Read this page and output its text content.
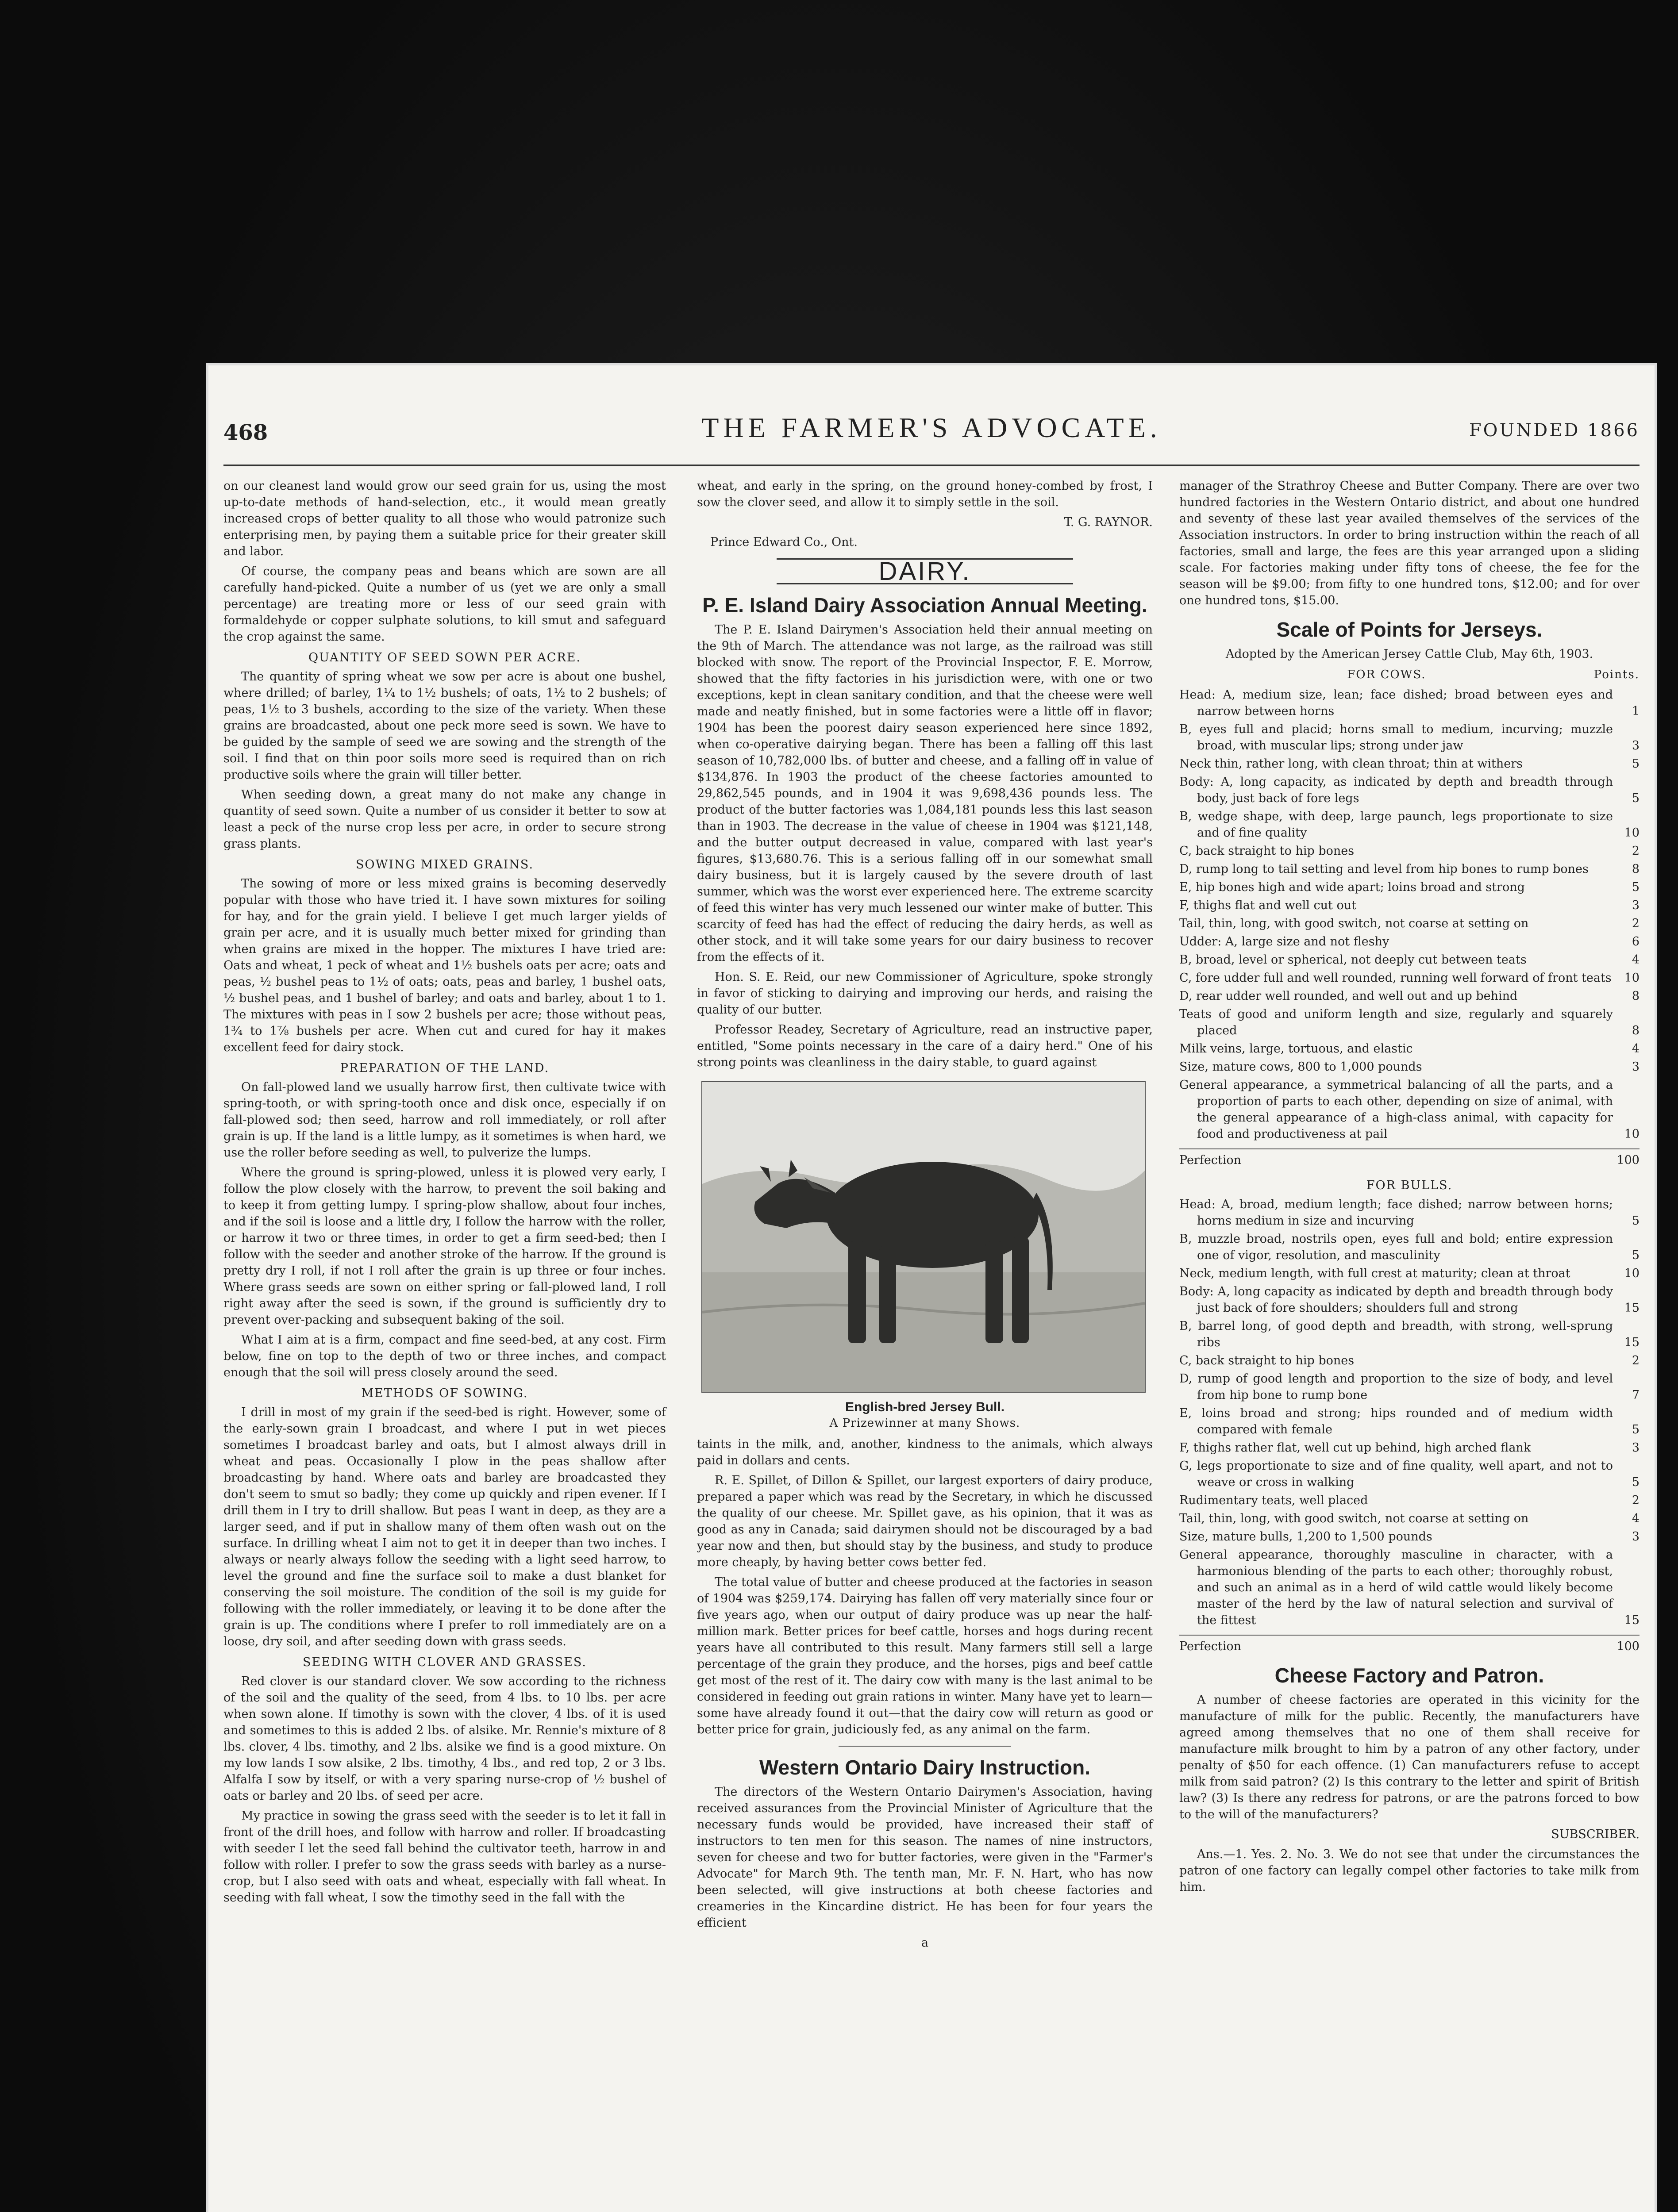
468	THE FARMER'S ADVOCATE.	FOUNDED 1866

on our cleanest land would grow our seed grain for us, using the most up-to-date methods of hand-selection, etc., it would mean greatly increased crops of better quality to all those who would patronize such enterprising men, by paying them a suitable price for their greater skill and labor.

Of course, the company peas and beans which are sown are all carefully hand-picked. Quite a number of us (yet we are only a small percentage) are treating more or less of our seed grain with formaldehyde or copper sulphate solutions, to kill smut and safeguard the crop against the same.

QUANTITY OF SEED SOWN PER ACRE.

The quantity of spring wheat we sow per acre is about one bushel, where drilled; of barley, 1¼ to 1½ bushels; of oats, 1½ to 2 bushels; of peas, 1½ to 3 bushels, according to the size of the variety. When these grains are broadcasted, about one peck more seed is sown. We have to be guided by the sample of seed we are sowing and the strength of the soil. I find that on thin poor soils more seed is required than on rich productive soils where the grain will tiller better.

When seeding down, a great many do not make any change in quantity of seed sown. Quite a number of us consider it better to sow at least a peck of the nurse crop less per acre, in order to secure strong grass plants.

SOWING MIXED GRAINS.

The sowing of more or less mixed grains is becoming deservedly popular with those who have tried it. I have sown mixtures for soiling for hay, and for the grain yield. I believe I get much larger yields of grain per acre, and it is usually much better mixed for grinding than when grains are mixed in the hopper. The mixtures I have tried are: Oats and wheat, 1 peck of wheat and 1½ bushels oats per acre; oats and peas, ½ bushel peas to 1½ of oats; oats, peas and barley, 1 bushel oats, ½ bushel peas, and 1 bushel of barley; and oats and barley, about 1 to 1. The mixtures with peas in I sow 2 bushels per acre; those without peas, 1¾ to 1⅞ bushels per acre. When cut and cured for hay it makes excellent feed for dairy stock.

PREPARATION OF THE LAND.

On fall-plowed land we usually harrow first, then cultivate twice with spring-tooth, or with spring-tooth once and disk once, especially if on fall-plowed sod; then seed, harrow and roll immediately, or roll after grain is up. If the land is a little lumpy, as it sometimes is when hard, we use the roller before seeding as well, to pulverize the lumps.

Where the ground is spring-plowed, unless it is plowed very early, I follow the plow closely with the harrow, to prevent the soil baking and to keep it from getting lumpy. I spring-plow shallow, about four inches, and if the soil is loose and a little dry, I follow the harrow with the roller, or harrow it two or three times, in order to get a firm seed-bed; then I follow with the seeder and another stroke of the harrow. If the ground is pretty dry I roll, if not I roll after the grain is up three or four inches. Where grass seeds are sown on either spring or fall-plowed land, I roll right away after the seed is sown, if the ground is sufficiently dry to prevent over-packing and subsequent baking of the soil.

What I aim at is a firm, compact and fine seed-bed, at any cost. Firm below, fine on top to the depth of two or three inches, and compact enough that the soil will press closely around the seed.

METHODS OF SOWING.

I drill in most of my grain if the seed-bed is right. However, some of the early-sown grain I broadcast, and where I put in wet pieces sometimes I broadcast barley and oats, but I almost always drill in wheat and peas. Occasionally I plow in the peas shallow after broadcasting by hand. Where oats and barley are broadcasted they don't seem to smut so badly; they come up quickly and ripen evener. If I drill them in I try to drill shallow. But peas I want in deep, as they are a larger seed, and if put in shallow many of them often wash out on the surface. In drilling wheat I aim not to get it in deeper than two inches. I always or nearly always follow the seeding with a light seed harrow, to level the ground and fine the surface soil to make a dust blanket for conserving the soil moisture. The condition of the soil is my guide for following with the roller immediately, or leaving it to be done after the grain is up. The conditions where I prefer to roll immediately are on a loose, dry soil, and after seeding down with grass seeds.

SEEDING WITH CLOVER AND GRASSES.

Red clover is our standard clover. We sow according to the richness of the soil and the quality of the seed, from 4 lbs. to 10 lbs. per acre when sown alone. If timothy is sown with the clover, 4 lbs. of it is used and sometimes to this is added 2 lbs. of alsike. Mr. Rennie's mixture of 8 lbs. clover, 4 lbs. timothy, and 2 lbs. alsike we find is a good mixture. On my low lands I sow alsike, 2 lbs. timothy, 4 lbs., and red top, 2 or 3 lbs. Alfalfa I sow by itself, or with a very sparing nurse-crop of ½ bushel of oats or barley and 20 lbs. of seed per acre.

My practice in sowing the grass seed with the seeder is to let it fall in front of the drill hoes, and follow with harrow and roller. If broadcasting with seeder I let the seed fall behind the cultivator teeth, harrow in and follow with roller. I prefer to sow the grass seeds with barley as a nurse-crop, but I also seed with oats and wheat, especially with fall wheat. In seeding with fall wheat, I sow the timothy seed in the fall with the

wheat, and early in the spring, on the ground honey-combed by frost, I sow the clover seed, and allow it to simply settle in the soil.

T. G. RAYNOR.

Prince Edward Co., Ont.

DAIRY.
P. E. Island Dairy Association Annual Meeting.

The P. E. Island Dairymen's Association held their annual meeting on the 9th of March. The attendance was not large, as the railroad was still blocked with snow. The report of the Provincial Inspector, F. E. Morrow, showed that the fifty factories in his jurisdiction were, with one or two exceptions, kept in clean sanitary condition, and that the cheese were well made and neatly finished, but in some factories were a little off in flavor; 1904 has been the poorest dairy season experienced here since 1892, when co-operative dairying began. There has been a falling off this last season of 10,782,000 lbs. of butter and cheese, and a falling off in value of $134,876. In 1903 the product of the cheese factories amounted to 29,862,545 pounds, and in 1904 it was 9,698,436 pounds less. The product of the butter factories was 1,084,181 pounds less this last season than in 1903. The decrease in the value of cheese in 1904 was $121,148, and the butter output decreased in value, compared with last year's figures, $13,680.76. This is a serious falling off in our somewhat small dairy business, but it is largely caused by the severe drouth of last summer, which was the worst ever experienced here. The extreme scarcity of feed this winter has very much lessened our winter make of butter. This scarcity of feed has had the effect of reducing the dairy herds, as well as other stock, and it will take some years for our dairy business to recover from the effects of it.

Hon. S. E. Reid, our new Commissioner of Agriculture, spoke strongly in favor of sticking to dairying and improving our herds, and raising the quality of our butter.

Professor Readey, Secretary of Agriculture, read an instructive paper, entitled, "Some points necessary in the care of a dairy herd." One of his strong points was cleanliness in the dairy stable, to guard against

English-bred Jersey Bull.
A Prizewinner at many Shows.

taints in the milk, and, another, kindness to the animals, which always paid in dollars and cents.

R. E. Spillet, of Dillon & Spillet, our largest exporters of dairy produce, prepared a paper which was read by the Secretary, in which he discussed the quality of our cheese. Mr. Spillet gave, as his opinion, that it was as good as any in Canada; said dairymen should not be discouraged by a bad year now and then, but should stay by the business, and study to produce more cheaply, by having better cows better fed.

The total value of butter and cheese produced at the factories in season of 1904 was $259,174. Dairying has fallen off very materially since four or five years ago, when our output of dairy produce was up near the half-million mark. Better prices for beef cattle, horses and hogs during recent years have all contributed to this result. Many farmers still sell a large percentage of the grain they produce, and the horses, pigs and beef cattle get most of the rest of it. The dairy cow with many is the last animal to be considered in feeding out grain rations in winter. Many have yet to learn—some have already found it out—that the dairy cow will return as good or better price for grain, judiciously fed, as any animal on the farm.

Western Ontario Dairy Instruction.

The directors of the Western Ontario Dairymen's Association, having received assurances from the Provincial Minister of Agriculture that the necessary funds would be provided, have increased their staff of instructors to ten men for this season. The names of nine instructors, seven for cheese and two for butter factories, were given in the "Farmer's Advocate" for March 9th. The tenth man, Mr. F. N. Hart, who has now been selected, will give instructions at both cheese factories and creameries in the Kincardine district. He has been for four years the efficient

a

manager of the Strathroy Cheese and Butter Company. There are over two hundred factories in the Western Ontario district, and about one hundred and seventy of these last year availed themselves of the services of the Association instructors. In order to bring instruction within the reach of all factories, small and large, the fees are this year arranged upon a sliding scale. For factories making under fifty tons of cheese, the fee for the season will be $9.00; from fifty to one hundred tons, $12.00; and for over one hundred tons, $15.00.

Scale of Points for Jerseys.
Adopted by the American Jersey Cattle Club, May 6th, 1903.
FOR COWS.	Points.
Head: A, medium size, lean; face dished; broad between eyes and narrow between horns	1
B, eyes full and placid; horns small to medium, incurving; muzzle broad, with muscular lips; strong under jaw	3
Neck thin, rather long, with clean throat; thin at withers	5
Body: A, long capacity, as indicated by depth and breadth through body, just back of fore legs	5
B, wedge shape, with deep, large paunch, legs proportionate to size and of fine quality	10
C, back straight to hip bones	2
D, rump long to tail setting and level from hip bones to rump bones	8
E, hip bones high and wide apart; loins broad and strong	5
F, thighs flat and well cut out	3
Tail, thin, long, with good switch, not coarse at setting on	2
Udder: A, large size and not fleshy	6
B, broad, level or spherical, not deeply cut between teats	4
C, fore udder full and well rounded, running well forward of front teats	10
D, rear udder well rounded, and well out and up behind	8
Teats of good and uniform length and size, regularly and squarely placed	8
Milk veins, large, tortuous, and elastic	4
Size, mature cows, 800 to 1,000 pounds	3
General appearance, a symmetrical balancing of all the parts, and a proportion of parts to each other, depending on size of animal, with the general appearance of a high-class animal, with capacity for food and productiveness at pail	10
Perfection	100
FOR BULLS.
Head: A, broad, medium length; face dished; narrow between horns; horns medium in size and incurving	5
B, muzzle broad, nostrils open, eyes full and bold; entire expression one of vigor, resolution, and masculinity	5
Neck, medium length, with full crest at maturity; clean at throat	10
Body: A, long capacity as indicated by depth and breadth through body just back of fore shoulders; shoulders full and strong	15
B, barrel long, of good depth and breadth, with strong, well-sprung ribs	15
C, back straight to hip bones	2
D, rump of good length and proportion to the size of body, and level from hip bone to rump bone	7
E, loins broad and strong; hips rounded and of medium width compared with female	5
F, thighs rather flat, well cut up behind, high arched flank	3
G, legs proportionate to size and of fine quality, well apart, and not to weave or cross in walking	5
Rudimentary teats, well placed	2
Tail, thin, long, with good switch, not coarse at setting on	4
Size, mature bulls, 1,200 to 1,500 pounds	3
General appearance, thoroughly masculine in character, with a harmonious blending of the parts to each other; thoroughly robust, and such an animal as in a herd of wild cattle would likely become master of the herd by the law of natural selection and survival of the fittest	15
Perfection	100
Cheese Factory and Patron.

A number of cheese factories are operated in this vicinity for the manufacture of milk for the public. Recently, the manufacturers have agreed among themselves that no one of them shall receive for manufacture milk brought to him by a patron of any other factory, under penalty of $50 for each offence. (1) Can manufacturers refuse to accept milk from said patron? (2) Is this contrary to the letter and spirit of British law? (3) Is there any redress for patrons, or are the patrons forced to bow to the will of the manufacturers?

SUBSCRIBER.

Ans.—1. Yes. 2. No. 3. We do not see that under the circumstances the patron of one factory can legally compel other factories to take milk from him.
